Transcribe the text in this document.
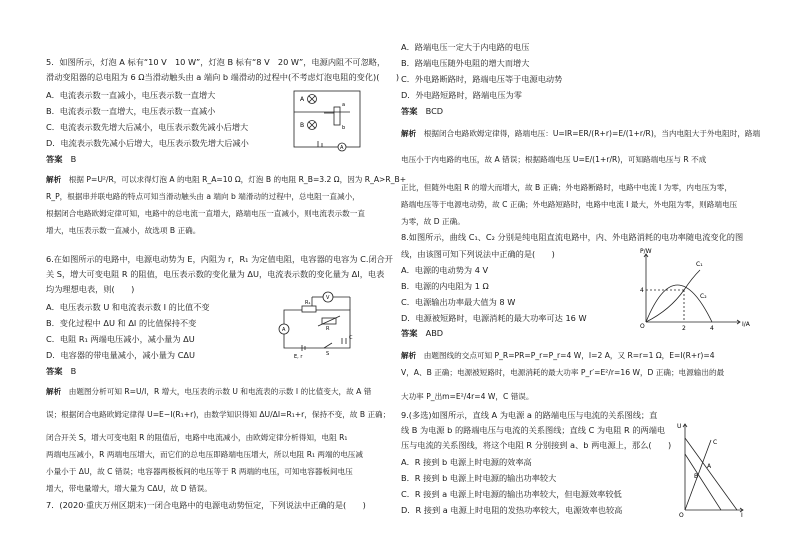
5．如图所示，灯泡 A 标有“10 V　10 W”，灯泡 B 标有“8 V　20 W”，电源内阻不可忽略，
滑动变阻器的总电阻为 6 Ω当滑动触头由 a 端向 b 端滑动的过程中(不考虑灯泡电阻的变化)(　　)
A．电流表示数一直减小，电压表示数一直增大
B．电流表示数一直增大，电压表示数一直减小
C．电流表示数先增大后减小，电压表示数先减小后增大
D．电流表示数先减小后增大，电压表示数先增大后减小
答案　 B
解析　 根据 P=U²/R，可以求得灯泡 A 的电阻 R_A=10 Ω，灯泡 B 的电阻 R_B=3.2 Ω，因为 R_A>R_B+
R_P，根据串并联电路的特点可知当滑动触头由 a 端向 b 端滑动的过程中，总电阻一直减小，
根据闭合电路欧姆定律可知，电路中的总电流一直增大，路端电压一直减小，则电流表示数一直
增大，电压表示数一直减小，故选项 B 正确。
6.在如图所示的电路中，电源电动势为 E，内阻为 r，R₁ 为定值电阻，电容器的电容为 C.闭合开
关 S，增大可变电阻 R 的阻值，电压表示数的变化量为 ΔU，电流表示数的变化量为 ΔI，电表
均为理想电表，则(　　)
A．电压表示数 U 和电流表示数 I 的比值不变
B．变化过程中 ΔU 和 ΔI 的比值保持不变
C．电阻 R₁ 两端电压减小，减小量为 ΔU
D．电容器的带电量减小，减小量为 CΔU
答案　 B
解析　 由题图分析可知 R=U/I，R 增大，电压表的示数 U 和电流表的示数 I 的比值变大，故 A 错
误；根据闭合电路欧姆定律得 U=E−I(R₁+r)，由数学知识得知 ΔU/ΔI=R₁+r，保持不变，故 B 正确；
闭合开关 S，增大可变电阻 R 的阻值后，电路中电流减小，由欧姆定律分析得知，电阻 R₁
两端电压减小，R 两端电压增大，而它们的总电压即路端电压增大，所以电阻 R₁ 两端的电压减
小量小于 ΔU，故 C 错误；电容器两极板间的电压等于 R 两端的电压，可知电容器板间电压
增大，带电量增大，增大量为 CΔU，故 D 错误。
7．(2020·重庆万州区期末)一闭合电路中的电源电动势恒定，下列说法中正确的是(　　)
A
B
a
b
A
V
A
R₁
R
E, r	S
C
A．路端电压一定大于内电路的电压
B．路端电压随外电阻的增大而增大
C．外电路断路时，路端电压等于电源电动势
D．外电路短路时，路端电压为零
答案　 BCD
解析　 根据闭合电路欧姆定律得，路端电压：U=IR=ER/(R+r)=E/(1+r/R)，当内电阻大于外电阻时，路端
电压小于内电路的电压，故 A 错误；根据路端电压 U=E/(1+r/R)，可知路端电压与 R 不成
正比，但随外电阻 R 的增大而增大，故 B 正确；外电路断路时，电路中电流 I 为零，内电压为零，
路端电压等于电源电动势，故 C 正确；外电路短路时，电路中电流 I 最大，外电阻为零，则路端电压
为零，故 D 正确。
8.如图所示，曲线 C₁、C₂ 分别是纯电阻直流电路中，内、外电路消耗的电功率随电流变化的图
线，由该图可知下列说法中正确的是(　　)
A．电源的电动势为 4 V
B．电源的内电阻为 1 Ω
C．电源输出功率最大值为 8 W
D．电源被短路时，电源消耗的最大功率可达 16 W
答案　 ABD
解析　 由题图线的交点可知 P_R=PR=P_r=P_r=4 W，I=2 A，又 R=r=1 Ω，E=I(R+r)=4
V，A、B 正确；电源被短路时，电源消耗的最大功率 P_r′=E²/r=16 W，D 正确；电源输出的最
大功率 P_出m=E²/4r=4 W，C 错误。
9.(多选)如图所示，直线 A 为电源 a 的路端电压与电流的关系图线；直
线 B 为电源 b 的路端电压与电流的关系图线；直线 C 为电阻 R 的两端电
压与电流的关系图线，将这个电阻 R 分别接到 a、b 两电源上，那么(　　)
A．R 接到 b 电源上时电源的效率高
B．R 接到 b 电源上时电源的输出功率较大
C．R 接到 a 电源上时电源的输出功率较大，但电源效率较低
D．R 接到 a 电源上时电阻的发热功率较大，电源效率也较高
P/W
I/A
C₁
C₂
4
2	4
O
U
I
O
C
A
B
